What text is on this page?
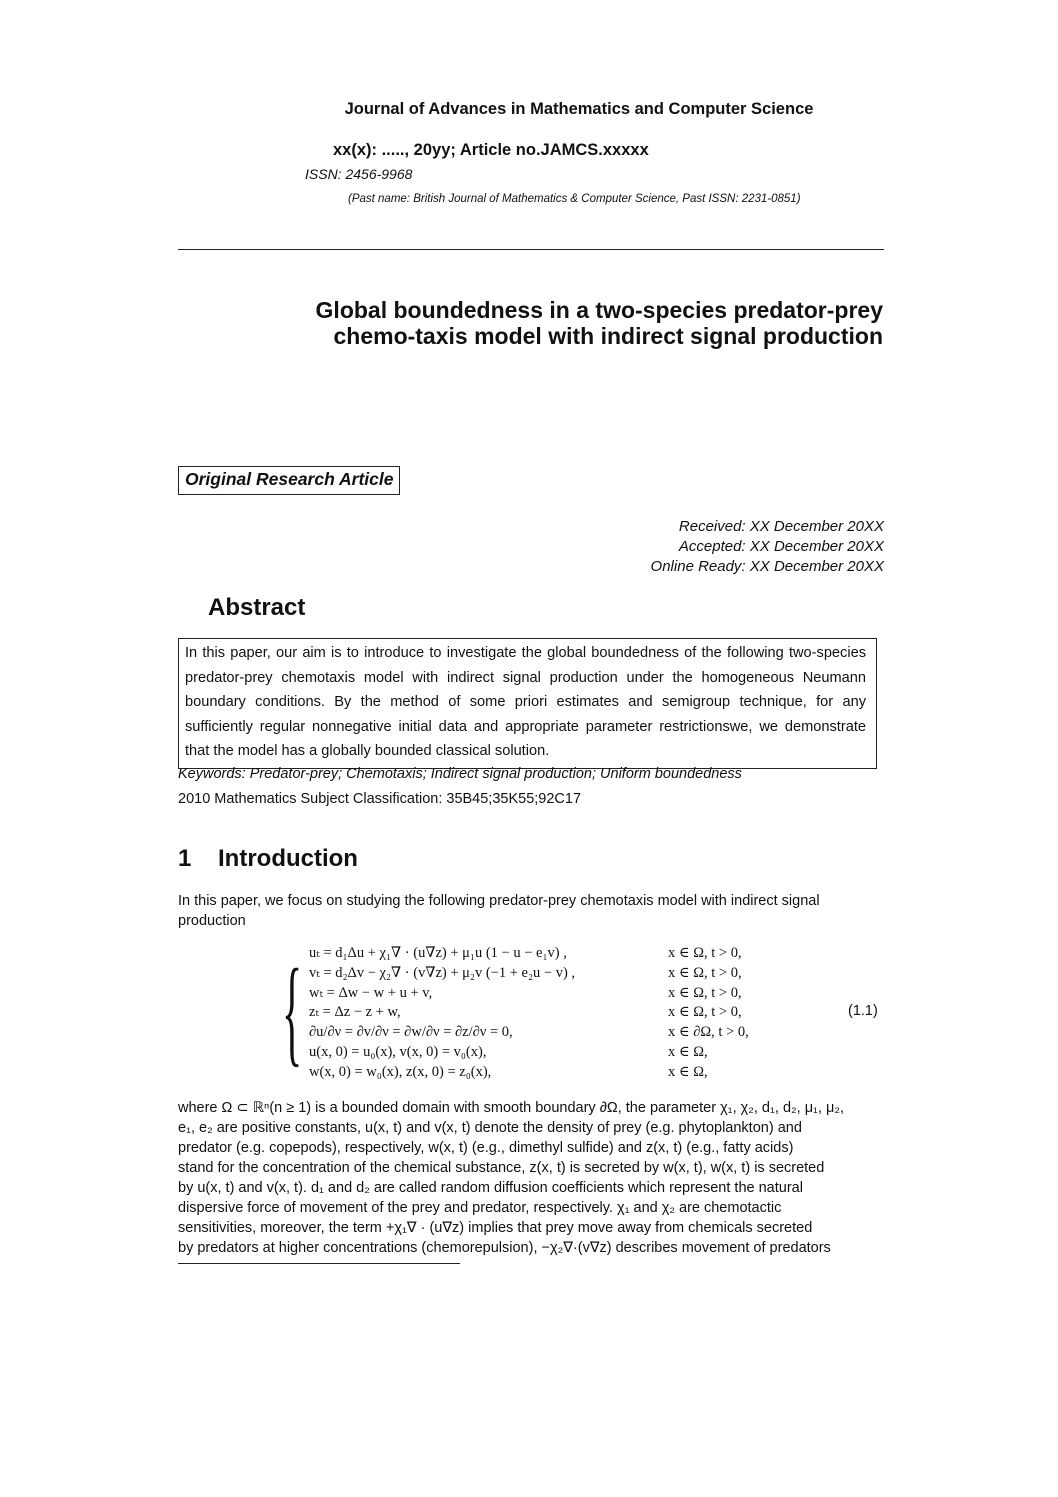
Journal of Advances in Mathematics and Computer Science
xx(x): ....., 20yy; Article no.JAMCS.xxxxx
ISSN: 2456-9968
(Past name: British Journal of Mathematics & Computer Science, Past ISSN: 2231-0851)
Global boundedness in a two-species predator-prey
chemo-taxis model with indirect signal production
Original Research Article
Received: XX December 20XX
Accepted: XX December 20XX
Online Ready: XX December 20XX
Abstract
In this paper, our aim is to introduce to investigate the global boundedness of the following two-species predator-prey chemotaxis model with indirect signal production under the homogeneous Neumann boundary conditions. By the method of some priori estimates and semigroup technique, for any sufficiently regular nonnegative initial data and appropriate parameter restrictionswe, we demonstrate that the model has a globally bounded classical solution.
Keywords: Predator-prey; Chemotaxis; Indirect signal production; Uniform boundedness
2010 Mathematics Subject Classification: 35B45;35K55;92C17
1 Introduction
In this paper, we focus on studying the following predator-prey chemotaxis model with indirect signal production
{ uₜ = d₁Δu + χ₁∇ · (u∇z) + μ₁u (1 − u − e₁v) ,	x ∈ Ω, t > 0,
vₜ = d₂Δv − χ₂∇ · (v∇z) + μ₂v (−1 + e₂u − v) ,	x ∈ Ω, t > 0,
wₜ = Δw − w + u + v,	x ∈ Ω, t > 0,
zₜ = Δz − z + w,	x ∈ Ω, t > 0,
∂u/∂ν = ∂v/∂ν = ∂w/∂ν = ∂z/∂ν = 0,	x ∈ ∂Ω, t > 0,
u(x, 0) = u₀(x), v(x, 0) = v₀(x),	x ∈ Ω,
w(x, 0) = w₀(x), z(x, 0) = z₀(x),	x ∈ Ω,
(1.1)

where Ω ⊂ ℝⁿ(n ≥ 1) is a bounded domain with smooth boundary ∂Ω, the parameter χ₁, χ₂, d₁, d₂, μ₁, μ₂,

e₁, e₂ are positive constants, u(x, t) and v(x, t) denote the density of prey (e.g. phytoplankton) and

predator (e.g. copepods), respectively, w(x, t) (e.g., dimethyl sulfide) and z(x, t) (e.g., fatty acids)

stand for the concentration of the chemical substance, z(x, t) is secreted by w(x, t), w(x, t) is secreted

by u(x, t) and v(x, t). d₁ and d₂ are called random diffusion coefficients which represent the natural

dispersive force of movement of the prey and predator, respectively. χ₁ and χ₂ are chemotactic

sensitivities, moreover, the term +χ₁∇ · (u∇z) implies that prey move away from chemicals secreted

by predators at higher concentrations (chemorepulsion), −χ₂∇·(v∇z) describes movement of predators
